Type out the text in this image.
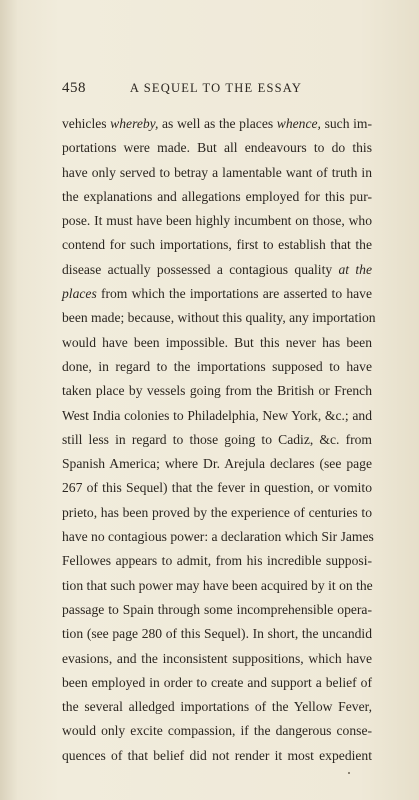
458	A SEQUEL TO THE ESSAY
vehicles whereby, as well as the places whence, such im-
portations were made. But all endeavours to do this
have only served to betray a lamentable want of truth in
the explanations and allegations employed for this pur-
pose. It must have been highly incumbent on those, who
contend for such importations, first to establish that the
disease actually possessed a contagious quality at the
places from which the importations are asserted to have
been made; because, without this quality, any importation
would have been impossible. But this never has been
done, in regard to the importations supposed to have
taken place by vessels going from the British or French
West India colonies to Philadelphia, New York, &c.; and
still less in regard to those going to Cadiz, &c. from
Spanish America; where Dr. Arejula declares (see page
267 of this Sequel) that the fever in question, or vomito
prieto, has been proved by the experience of centuries to
have no contagious power: a declaration which Sir James
Fellowes appears to admit, from his incredible supposi-
tion that such power may have been acquired by it on the
passage to Spain through some incomprehensible opera-
tion (see page 280 of this Sequel). In short, the uncandid
evasions, and the inconsistent suppositions, which have
been employed in order to create and support a belief of
the several alledged importations of the Yellow Fever,
would only excite compassion, if the dangerous conse-
quences of that belief did not render it most expedient
